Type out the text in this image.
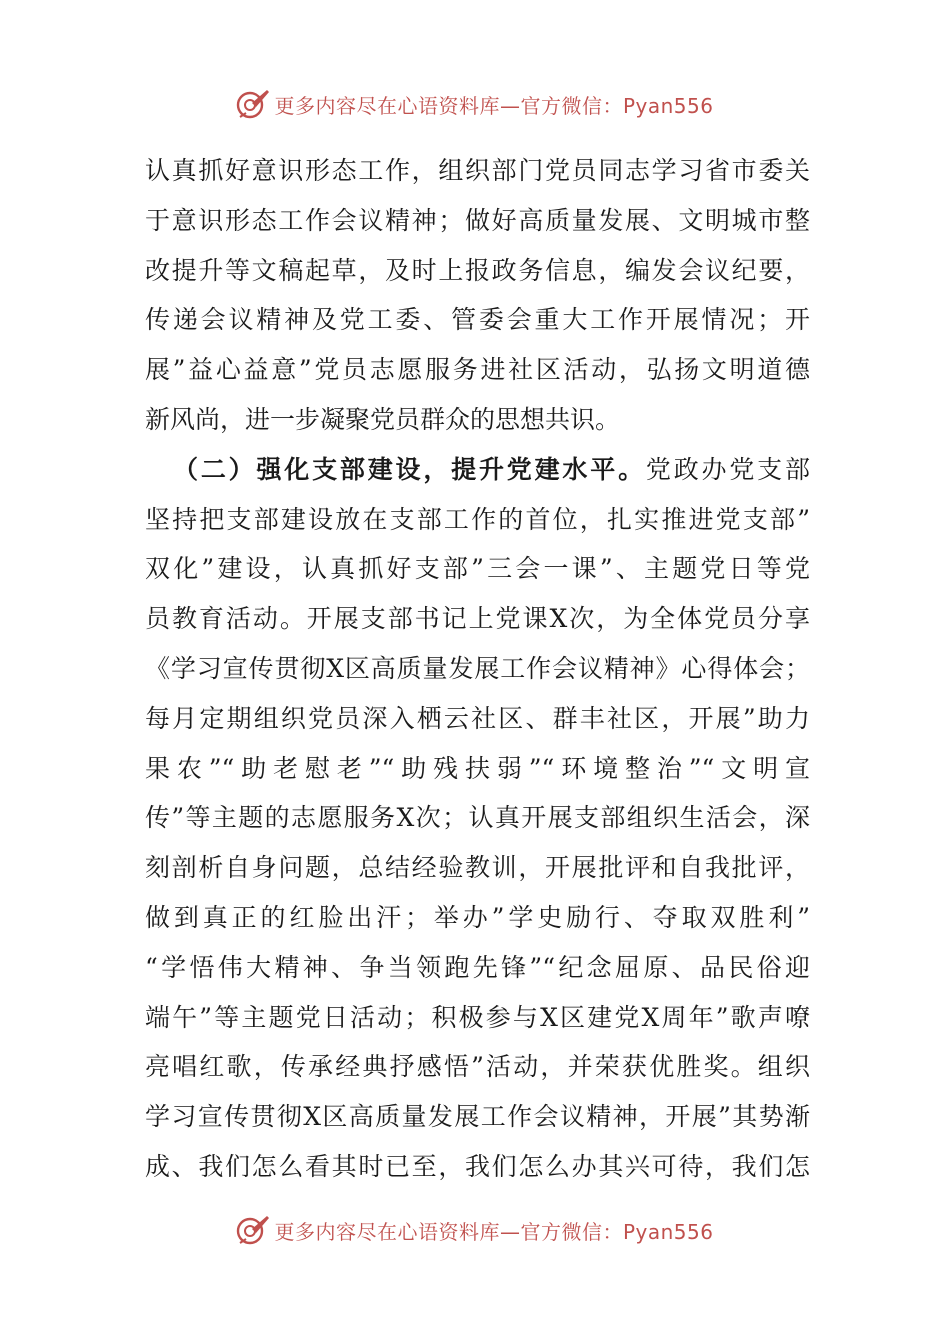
更多内容尽在心语资料库—官方微信：Pyan556
认真抓好意识形态工作，组织部门党员同志学习省市委关
于意识形态工作会议精神；做好高质量发展、文明城市整
改提升等文稿起草，及时上报政务信息，编发会议纪要，
传递会议精神及党工委、管委会重大工作开展情况；开
展”益心益意”党员志愿服务进社区活动，弘扬文明道德
新风尚，进一步凝聚党员群众的思想共识。
（二）强化支部建设，提升党建水平。党政办党支部
坚持把支部建设放在支部工作的首位，扎实推进党支部”
双化”建设，认真抓好支部”三会一课”、主题党日等党
员教育活动。开展支部书记上党课X次，为全体党员分享
《学习宣传贯彻X区高质量发展工作会议精神》心得体会；
每月定期组织党员深入栖云社区、群丰社区，开展”助力
果农”“助老慰老”“助残扶弱”“环境整治”“文明宣
传”等主题的志愿服务X次；认真开展支部组织生活会，深
刻剖析自身问题，总结经验教训，开展批评和自我批评，
做到真正的红脸出汗；举办”学史励行、夺取双胜利”
“学悟伟大精神、争当领跑先锋”“纪念屈原、品民俗迎
端午”等主题党日活动；积极参与X区建党X周年”歌声嘹
亮唱红歌，传承经典抒感悟”活动，并荣获优胜奖。组织
学习宣传贯彻X区高质量发展工作会议精神，开展”其势渐
成、我们怎么看其时已至，我们怎么办其兴可待，我们怎
更多内容尽在心语资料库—官方微信：Pyan556
